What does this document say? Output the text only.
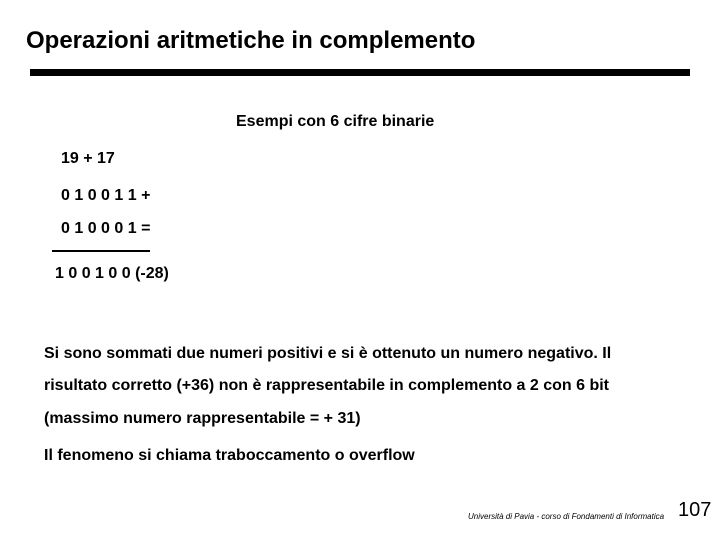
Operazioni aritmetiche in complemento
Esempi con 6 cifre binarie
19 + 17
0 1 0 0 1 1 +
0 1 0 0 0 1 =
1 0 0 1 0 0 (-28)
Si sono sommati due numeri positivi e si è ottenuto un numero negativo. Il
risultato corretto (+36) non è rappresentabile in complemento a 2 con 6 bit
(massimo numero rappresentabile = + 31)
Il fenomeno si chiama traboccamento o overflow
Università di Pavia - corso di Fondamenti di Informatica 107
